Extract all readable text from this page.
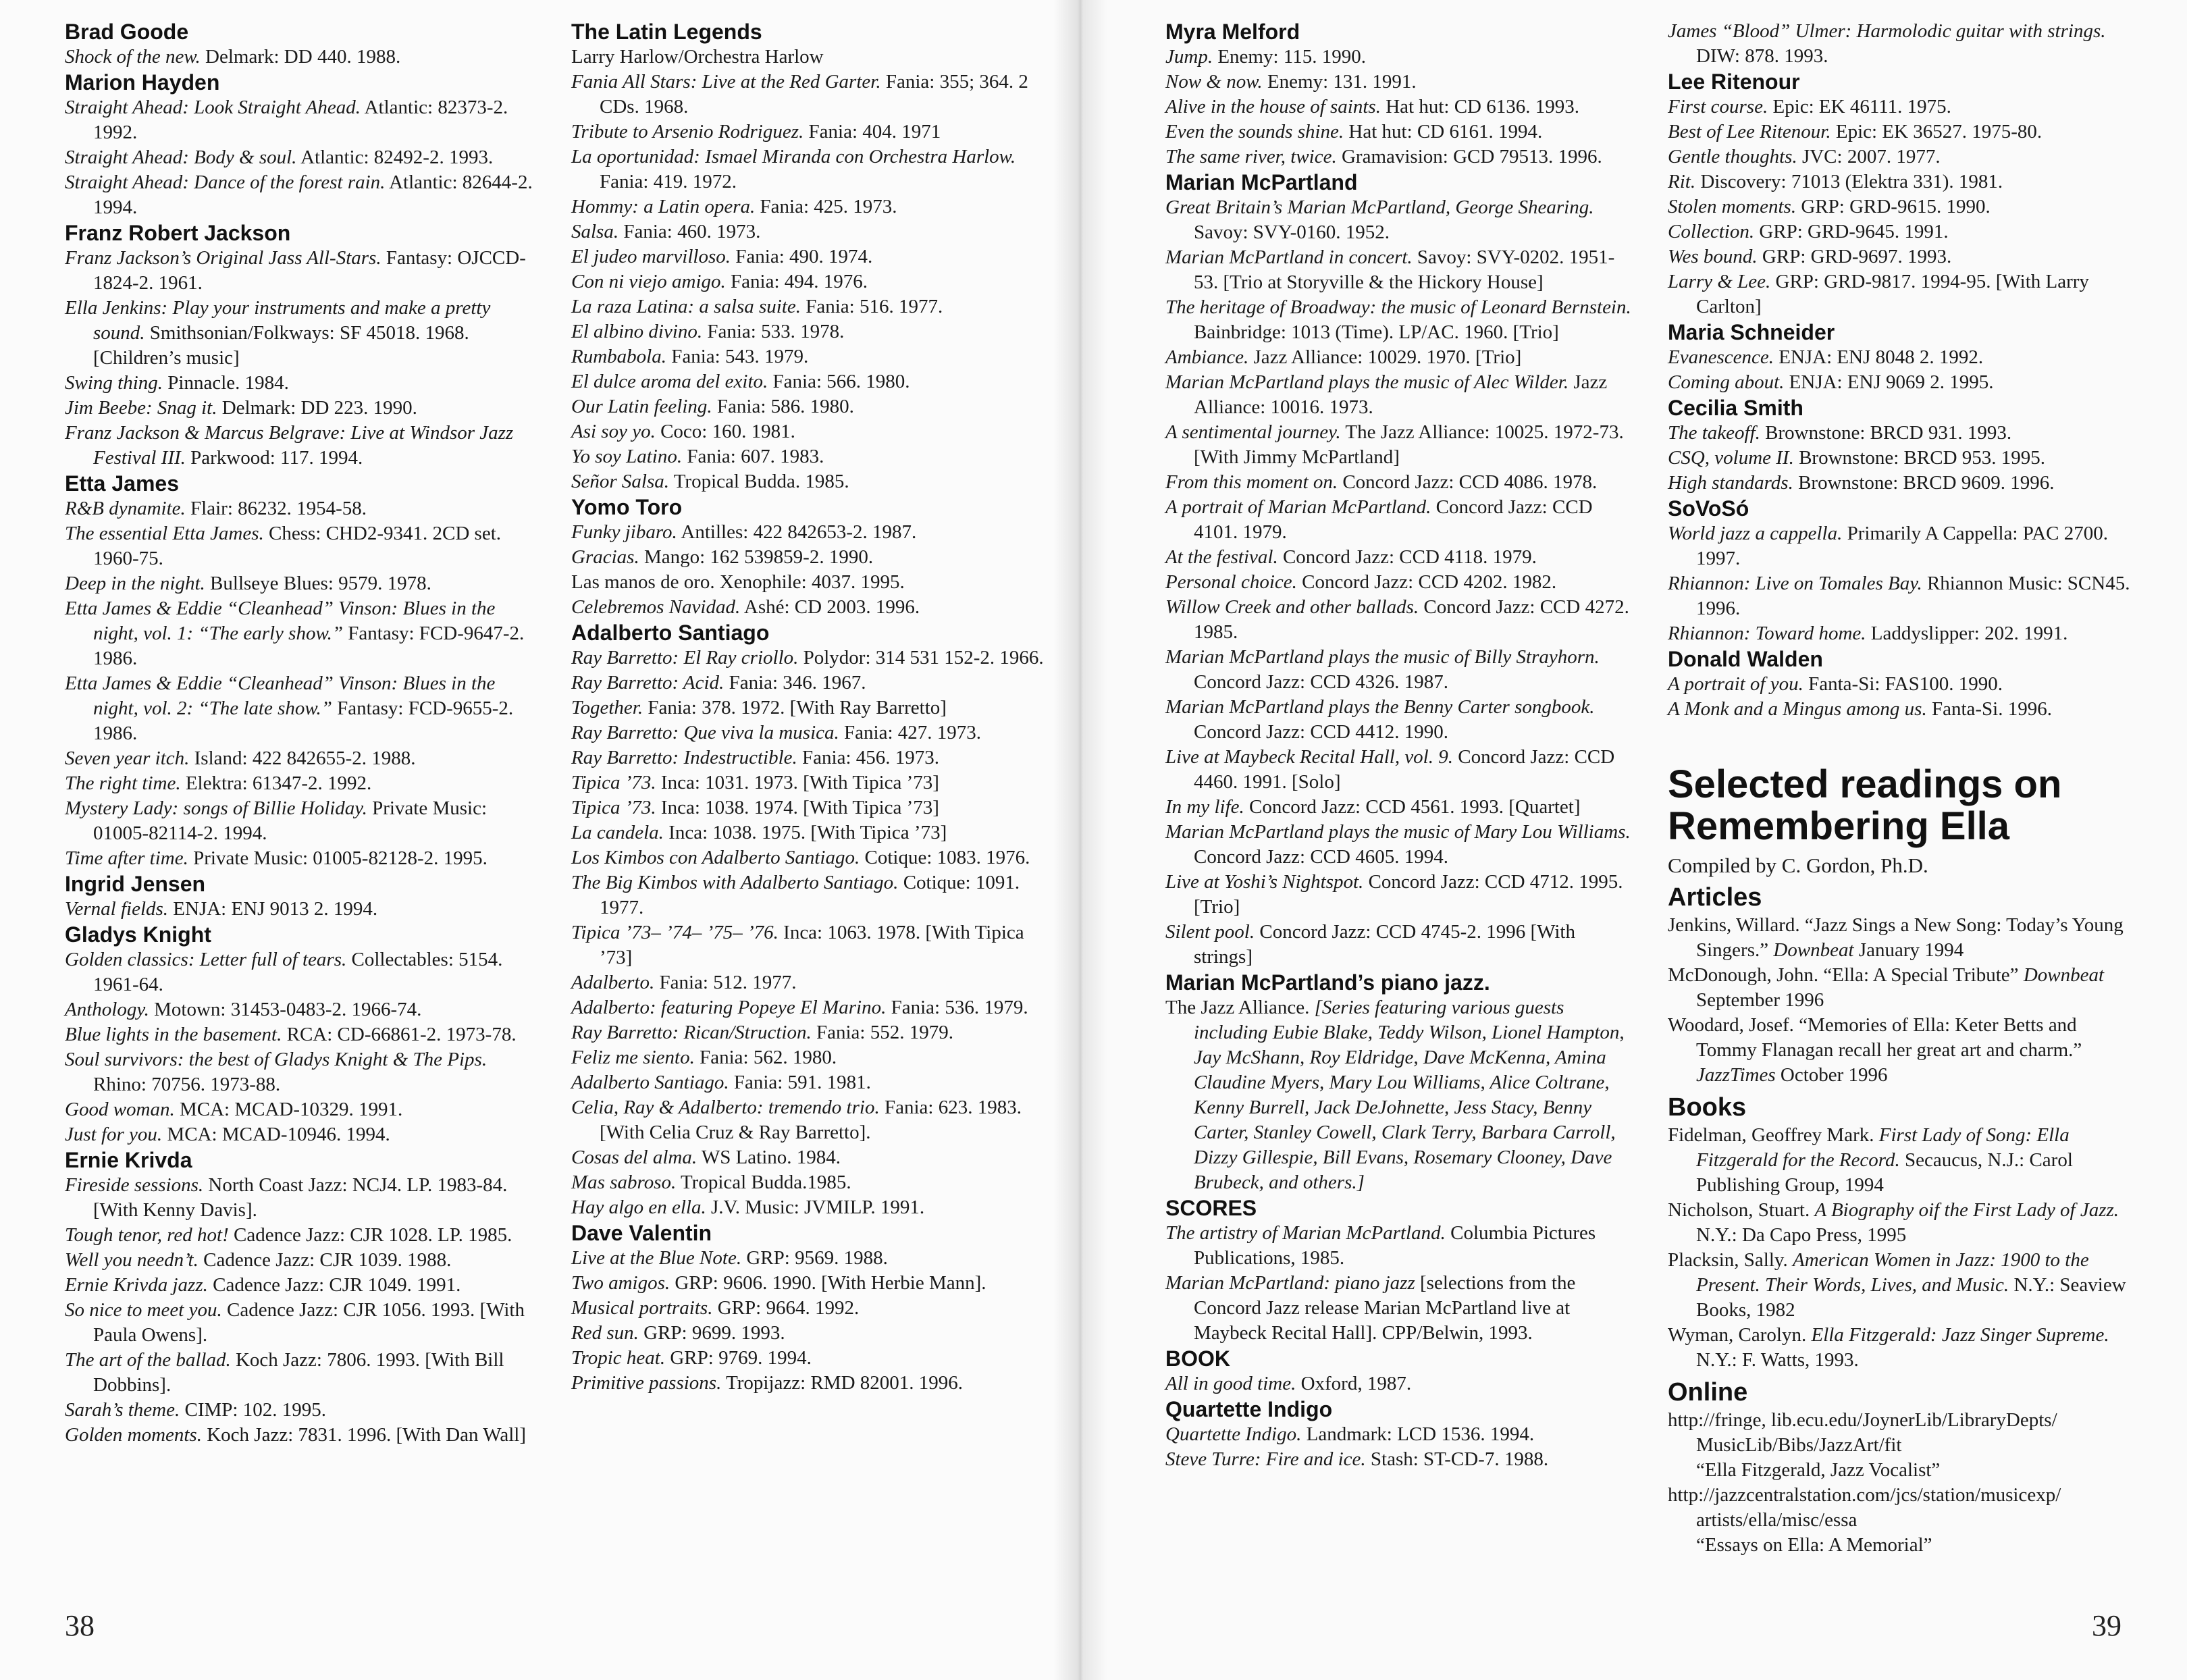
Brad Goode
Shock of the new. Delmark: DD 440. 1988.
Marion Hayden
Straight Ahead: Look Straight Ahead. Atlantic: 82373-2. 1992.
Straight Ahead: Body & soul. Atlantic: 82492-2. 1993.
Straight Ahead: Dance of the forest rain. Atlantic: 82644-2. 1994.
Franz Robert Jackson
Franz Jackson’s Original Jass All-Stars. Fantasy: OJCCD-1824-2. 1961.
Ella Jenkins: Play your instruments and make a pretty sound. Smithsonian/Folkways: SF 45018. 1968. [Children’s music]
Swing thing. Pinnacle. 1984.
Jim Beebe: Snag it. Delmark: DD 223. 1990.
Franz Jackson & Marcus Belgrave: Live at Windsor Jazz Festival III. Parkwood: 117. 1994.
Etta James
R&B dynamite. Flair: 86232. 1954-58.
The essential Etta James. Chess: CHD2-9341. 2CD set. 1960-75.
Deep in the night. Bullseye Blues: 9579. 1978.
Etta James & Eddie “Cleanhead” Vinson: Blues in the night, vol. 1: “The early show.” Fantasy: FCD-9647-2. 1986.
Etta James & Eddie “Cleanhead” Vinson: Blues in the night, vol. 2: “The late show.” Fantasy: FCD-9655-2. 1986.
Seven year itch. Island: 422 842655-2. 1988.
The right time. Elektra: 61347-2. 1992.
Mystery Lady: songs of Billie Holiday. Private Music: 01005-82114-2. 1994.
Time after time. Private Music: 01005-82128-2. 1995.
Ingrid Jensen
Vernal fields. ENJA: ENJ 9013 2. 1994.
Gladys Knight
Golden classics: Letter full of tears. Collectables: 5154. 1961-64.
Anthology. Motown: 31453-0483-2. 1966-74.
Blue lights in the basement. RCA: CD-66861-2. 1973-78.
Soul survivors: the best of Gladys Knight & The Pips. Rhino: 70756. 1973-88.
Good woman. MCA: MCAD-10329. 1991.
Just for you. MCA: MCAD-10946. 1994.
Ernie Krivda
Fireside sessions. North Coast Jazz: NCJ4. LP. 1983-84. [With Kenny Davis].
Tough tenor, red hot! Cadence Jazz: CJR 1028. LP. 1985.
Well you needn’t. Cadence Jazz: CJR 1039. 1988.
Ernie Krivda jazz. Cadence Jazz: CJR 1049. 1991.
So nice to meet you. Cadence Jazz: CJR 1056. 1993. [With Paula Owens].
The art of the ballad. Koch Jazz: 7806. 1993. [With Bill Dobbins].
Sarah’s theme. CIMP: 102. 1995.
Golden moments. Koch Jazz: 7831. 1996. [With Dan Wall]
The Latin Legends
Larry Harlow/Orchestra Harlow
Fania All Stars: Live at the Red Garter. Fania: 355; 364. 2 CDs. 1968.
Tribute to Arsenio Rodriguez. Fania: 404. 1971
La oportunidad: Ismael Miranda con Orchestra Harlow. Fania: 419. 1972.
Hommy: a Latin opera. Fania: 425. 1973.
Salsa. Fania: 460. 1973.
El judeo marvilloso. Fania: 490. 1974.
Con ni viejo amigo. Fania: 494. 1976.
La raza Latina: a salsa suite. Fania: 516. 1977.
El albino divino. Fania: 533. 1978.
Rumbabola. Fania: 543. 1979.
El dulce aroma del exito. Fania: 566. 1980.
Our Latin feeling. Fania: 586. 1980.
Asi soy yo. Coco: 160. 1981.
Yo soy Latino. Fania: 607. 1983.
Señor Salsa. Tropical Budda. 1985.
Yomo Toro
Funky jibaro. Antilles: 422 842653-2. 1987.
Gracias. Mango: 162 539859-2. 1990.
Las manos de oro. Xenophile: 4037. 1995.
Celebremos Navidad. Ashé: CD 2003. 1996.
Adalberto Santiago
Ray Barretto: El Ray criollo. Polydor: 314 531 152-2. 1966.
Ray Barretto: Acid. Fania: 346. 1967.
Together. Fania: 378. 1972. [With Ray Barretto]
Ray Barretto: Que viva la musica. Fania: 427. 1973.
Ray Barretto: Indestructible. Fania: 456. 1973.
Tipica ’73. Inca: 1031. 1973. [With Tipica ’73]
Tipica ’73. Inca: 1038. 1974. [With Tipica ’73]
La candela. Inca: 1038. 1975. [With Tipica ’73]
Los Kimbos con Adalberto Santiago. Cotique: 1083. 1976.
The Big Kimbos with Adalberto Santiago. Cotique: 1091. 1977.
Tipica ’73– ’74– ’75– ’76. Inca: 1063. 1978. [With Tipica ’73]
Adalberto. Fania: 512. 1977.
Adalberto: featuring Popeye El Marino. Fania: 536. 1979.
Ray Barretto: Rican/Struction. Fania: 552. 1979.
Feliz me siento. Fania: 562. 1980.
Adalberto Santiago. Fania: 591. 1981.
Celia, Ray & Adalberto: tremendo trio. Fania: 623. 1983. [With Celia Cruz & Ray Barretto].
Cosas del alma. WS Latino. 1984.
Mas sabroso. Tropical Budda.1985.
Hay algo en ella. J.V. Music: JVMILP. 1991.
Dave Valentin
Live at the Blue Note. GRP: 9569. 1988.
Two amigos. GRP: 9606. 1990. [With Herbie Mann].
Musical portraits. GRP: 9664. 1992.
Red sun. GRP: 9699. 1993.
Tropic heat. GRP: 9769. 1994.
Primitive passions. Tropijazz: RMD 82001. 1996.
38	39
Myra Melford
Jump. Enemy: 115. 1990.
Now & now. Enemy: 131. 1991.
Alive in the house of saints. Hat hut: CD 6136. 1993.
Even the sounds shine. Hat hut: CD 6161. 1994.
The same river, twice. Gramavision: GCD 79513. 1996.
Marian McPartland
Great Britain’s Marian McPartland, George Shearing. Savoy: SVY-0160. 1952.
Marian McPartland in concert. Savoy: SVY-0202. 1951-53. [Trio at Storyville & the Hickory House]
The heritage of Broadway: the music of Leonard Bernstein. Bainbridge: 1013 (Time). LP/AC. 1960. [Trio]
Ambiance. Jazz Alliance: 10029. 1970. [Trio]
Marian McPartland plays the music of Alec Wilder. Jazz Alliance: 10016. 1973.
A sentimental journey. The Jazz Alliance: 10025. 1972-73. [With Jimmy McPartland]
From this moment on. Concord Jazz: CCD 4086. 1978.
A portrait of Marian McPartland. Concord Jazz: CCD 4101. 1979.
At the festival. Concord Jazz: CCD 4118. 1979.
Personal choice. Concord Jazz: CCD 4202. 1982.
Willow Creek and other ballads. Concord Jazz: CCD 4272. 1985.
Marian McPartland plays the music of Billy Strayhorn. Concord Jazz: CCD 4326. 1987.
Marian McPartland plays the Benny Carter songbook. Concord Jazz: CCD 4412. 1990.
Live at Maybeck Recital Hall, vol. 9. Concord Jazz: CCD 4460. 1991. [Solo]
In my life. Concord Jazz: CCD 4561. 1993. [Quartet]
Marian McPartland plays the music of Mary Lou Williams. Concord Jazz: CCD 4605. 1994.
Live at Yoshi’s Nightspot. Concord Jazz: CCD 4712. 1995. [Trio]
Silent pool. Concord Jazz: CCD 4745-2. 1996 [With strings]
Marian McPartland’s piano jazz.
The Jazz Alliance. [Series featuring various guests including Eubie Blake, Teddy Wilson, Lionel Hampton, Jay McShann, Roy Eldridge, Dave McKenna, Amina Claudine Myers, Mary Lou Williams, Alice Coltrane, Kenny Burrell, Jack DeJohnette, Jess Stacy, Benny Carter, Stanley Cowell, Clark Terry, Barbara Carroll, Dizzy Gillespie, Bill Evans, Rosemary Clooney, Dave Brubeck, and others.]
SCORES
The artistry of Marian McPartland. Columbia Pictures Publications, 1985.
Marian McPartland: piano jazz [selections from the Concord Jazz release Marian McPartland live at Maybeck Recital Hall]. CPP/Belwin, 1993.
BOOK
All in good time. Oxford, 1987.
Quartette Indigo
Quartette Indigo. Landmark: LCD 1536. 1994.
Steve Turre: Fire and ice. Stash: ST-CD-7. 1988.
James “Blood” Ulmer: Harmolodic guitar with strings. DIW: 878. 1993.
Lee Ritenour
First course. Epic: EK 46111. 1975.
Best of Lee Ritenour. Epic: EK 36527. 1975-80.
Gentle thoughts. JVC: 2007. 1977.
Rit. Discovery: 71013 (Elektra 331). 1981.
Stolen moments. GRP: GRD-9615. 1990.
Collection. GRP: GRD-9645. 1991.
Wes bound. GRP: GRD-9697. 1993.
Larry & Lee. GRP: GRD-9817. 1994-95. [With Larry Carlton]
Maria Schneider
Evanescence. ENJA: ENJ 8048 2. 1992.
Coming about. ENJA: ENJ 9069 2. 1995.
Cecilia Smith
The takeoff. Brownstone: BRCD 931. 1993.
CSQ, volume II. Brownstone: BRCD 953. 1995.
High standards. Brownstone: BRCD 9609. 1996.
SoVoSó
World jazz a cappella. Primarily A Cappella: PAC 2700. 1997.
Rhiannon: Live on Tomales Bay. Rhiannon Music: SCN45. 1996.
Rhiannon: Toward home. Laddyslipper: 202. 1991.
Donald Walden
A portrait of you. Fanta-Si: FAS100. 1990.
A Monk and a Mingus among us. Fanta-Si. 1996.
Selected readings on
Remembering Ella
Compiled by C. Gordon, Ph.D.
Articles
Jenkins, Willard. “Jazz Sings a New Song: Today’s Young Singers.” Downbeat January 1994
McDonough, John. “Ella: A Special Tribute” Downbeat September 1996
Woodard, Josef. “Memories of Ella: Keter Betts and Tommy Flanagan recall her great art and charm.” JazzTimes October 1996
Books
Fidelman, Geoffrey Mark. First Lady of Song: Ella Fitzgerald for the Record. Secaucus, N.J.: Carol Publishing Group, 1994
Nicholson, Stuart. A Biography oif the First Lady of Jazz. N.Y.: Da Capo Press, 1995
Placksin, Sally. American Women in Jazz: 1900 to the Present. Their Words, Lives, and Music. N.Y.: Seaview Books, 1982
Wyman, Carolyn. Ella Fitzgerald: Jazz Singer Supreme. N.Y.: F. Watts, 1993.
Online
http://fringe, lib.ecu.edu/JoynerLib/LibraryDepts/ MusicLib/Bibs/JazzArt/fit
“Ella Fitzgerald, Jazz Vocalist”
http://jazzcentralstation.com/jcs/station/musicexp/ artists/ella/misc/essa
“Essays on Ella: A Memorial”
